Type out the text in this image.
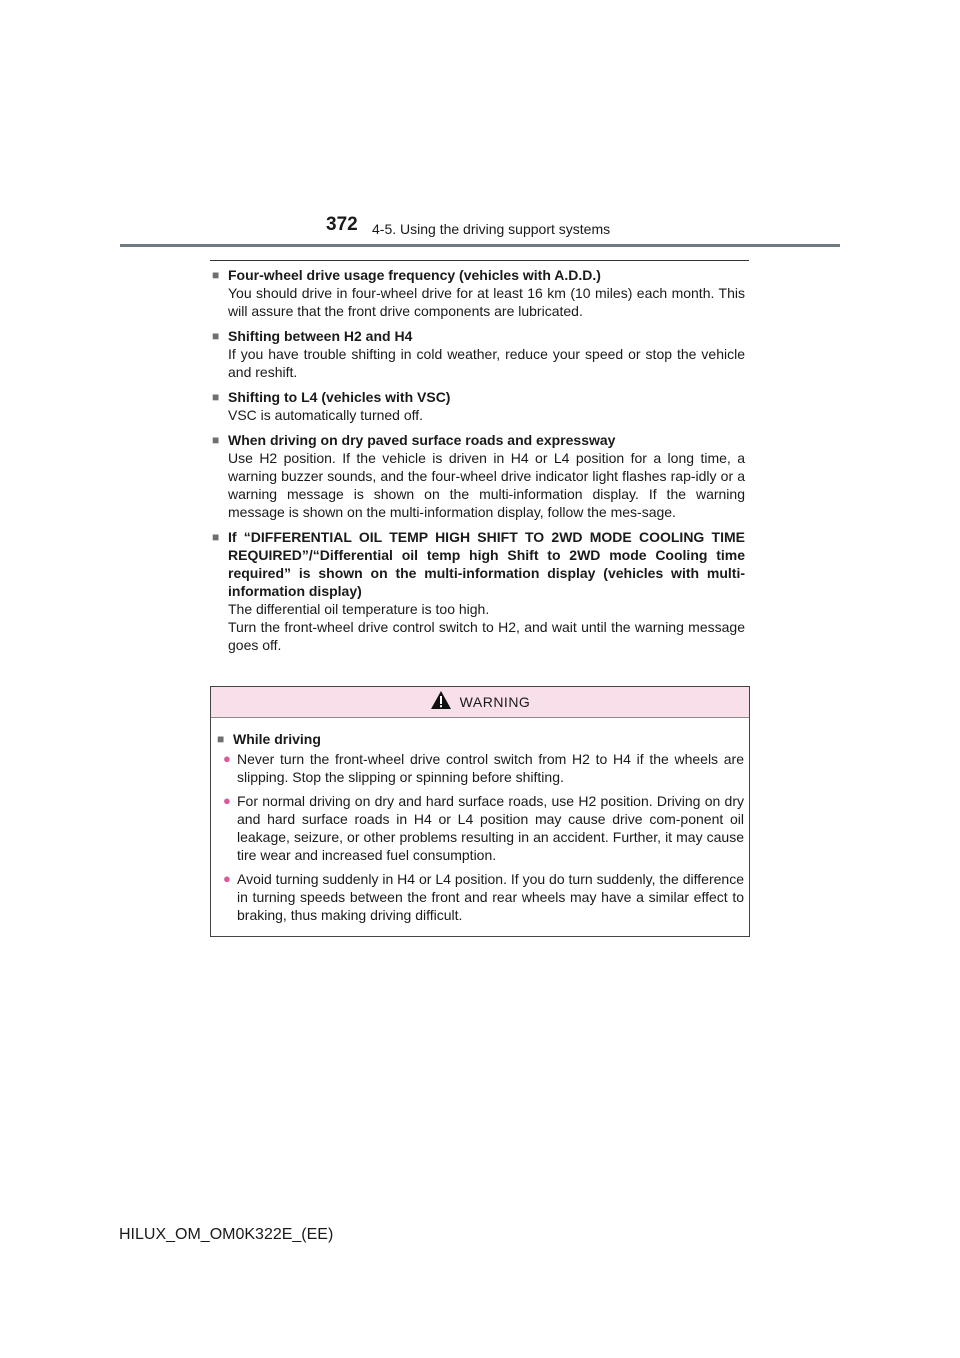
372 4-5. Using the driving support systems
■ Four-wheel drive usage frequency (vehicles with A.D.D.)

You should drive in four-wheel drive for at least 16 km (10 miles) each month. This will assure that the front drive components are lubricated.

■ Shifting between H2 and H4

If you have trouble shifting in cold weather, reduce your speed or stop the vehicle and reshift.

■ Shifting to L4 (vehicles with VSC)

VSC is automatically turned off.

■ When driving on dry paved surface roads and expressway

Use H2 position. If the vehicle is driven in H4 or L4 position for a long time, a warning buzzer sounds, and the four-wheel drive indicator light flashes rap-idly or a warning message is shown on the multi-information display. If the warning message is shown on the multi-information display, follow the mes-sage.

■ If “DIFFERENTIAL OIL TEMP HIGH SHIFT TO 2WD MODE COOLING TIME REQUIRED”/“Differential oil temp high Shift to 2WD mode Cooling time required” is shown on the multi-information display (vehicles with multi-information display)

The differential oil temperature is too high.

Turn the front-wheel drive control switch to H2, and wait until the warning message goes off.

WARNING
■ While driving
● Never turn the front-wheel drive control switch from H2 to H4 if the wheels are slipping. Stop the slipping or spinning before shifting.
● For normal driving on dry and hard surface roads, use H2 position. Driving on dry and hard surface roads in H4 or L4 position may cause drive com-ponent oil leakage, seizure, or other problems resulting in an accident. Further, it may cause tire wear and increased fuel consumption.
● Avoid turning suddenly in H4 or L4 position. If you do turn suddenly, the difference in turning speeds between the front and rear wheels may have a similar effect to braking, thus making driving difficult.
HILUX_OM_OM0K322E_(EE)
